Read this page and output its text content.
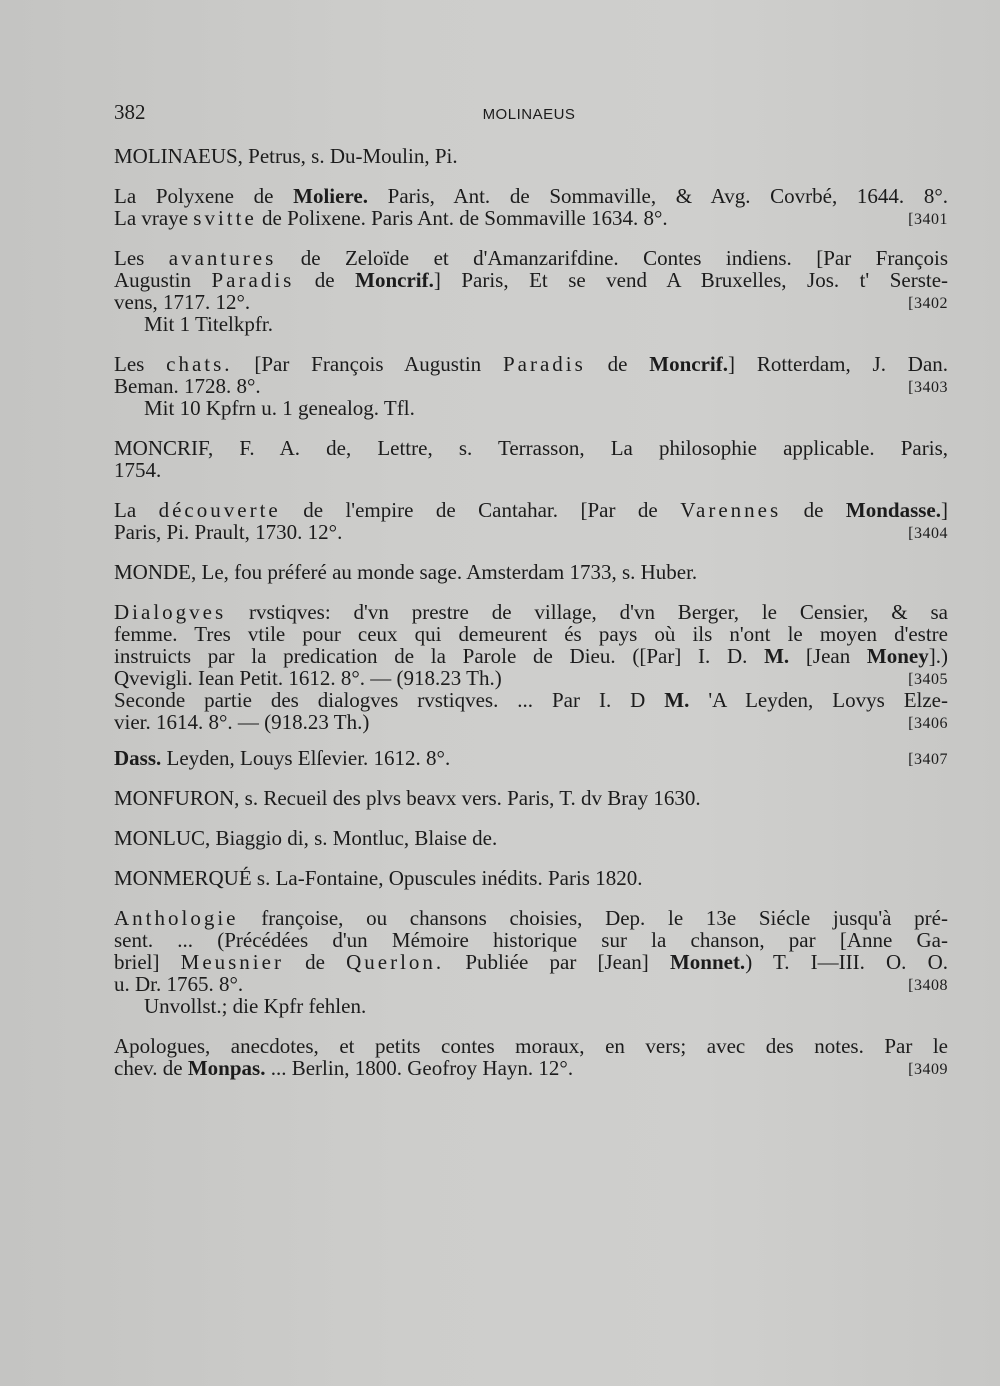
382	MOLINAEUS
MOLINAEUS, Petrus, s. Du-Moulin, Pi.
La Polyxene de Moliere. Paris, Ant. de Sommaville, & Avg. Covrbé, 1644. 8°.
La vraye svitte de Polixene. Paris Ant. de Sommaville 1634. 8°.	[3401
Les avantures de Zeloïde et d'Amanzarifdine. Contes indiens. [Par François
Augustin Paradis de Moncrif.] Paris, Et se vend A Bruxelles, Jos. t' Serste-
vens, 1717. 12°.	[3402
Mit 1 Titelkpfr.
Les chats. [Par François Augustin Paradis de Moncrif.] Rotterdam, J. Dan.
Beman. 1728. 8°.	[3403
Mit 10 Kpfrn u. 1 genealog. Tfl.
MONCRIF, F. A. de, Lettre, s. Terrasson, La philosophie applicable. Paris,
1754.
La découverte de l'empire de Cantahar. [Par de Varennes de Mondasse.]
Paris, Pi. Prault, 1730. 12°.	[3404
MONDE, Le, fou préferé au monde sage. Amsterdam 1733, s. Huber.
Dialogves rvstiqves: d'vn prestre de village, d'vn Berger, le Censier, & sa
femme. Tres vtile pour ceux qui demeurent és pays où ils n'ont le moyen d'estre
instruicts par la predication de la Parole de Dieu. ([Par] I. D. M. [Jean Money].)
Qvevigli. Iean Petit. 1612. 8°. — (918.23 Th.)	[3405
Seconde partie des dialogves rvstiqves. ... Par I. D M. 'A Leyden, Lovys Elze-
vier. 1614. 8°. — (918.23 Th.)	[3406
Dass. Leyden, Louys Elſevier. 1612. 8°.	[3407
MONFURON, s. Recueil des plvs beavx vers. Paris, T. dv Bray 1630.
MONLUC, Biaggio di, s. Montluc, Blaise de.
MONMERQUÉ s. La-Fontaine, Opuscules inédits. Paris 1820.
Anthologie françoise, ou chansons choisies, Dep. le 13e Siécle jusqu'à pré-
sent. ... (Précédées d'un Mémoire historique sur la chanson, par [Anne Ga-
briel] Meusnier de Querlon. Publiée par [Jean] Monnet.) T. I—III. O. O.
u. Dr. 1765. 8°.	[3408
Unvollst.; die Kpfr fehlen.
Apologues, anecdotes, et petits contes moraux, en vers; avec des notes. Par le
chev. de Monpas. ... Berlin, 1800. Geofroy Hayn. 12°.	[3409
